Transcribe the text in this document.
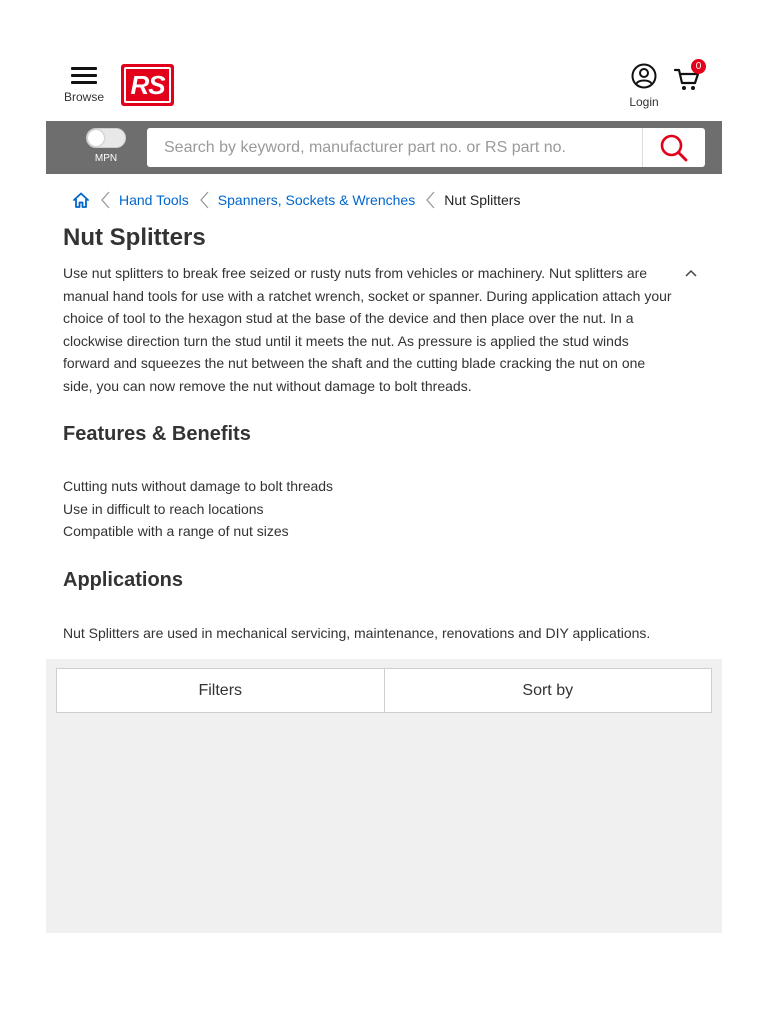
Browse RS
Login
0
MPN
Search by keyword, manufacturer part no. or RS part no.
Hand Tools Spanners, Sockets & Wrenches Nut Splitters
Nut Splitters

Use nut splitters to break free seized or rusty nuts from vehicles or machinery. Nut splitters are manual hand tools for use with a ratchet wrench, socket or spanner. During application attach your choice of tool to the hexagon stud at the base of the device and then place over the nut. In a clockwise direction turn the stud until it meets the nut. As pressure is applied the stud winds forward and squeezes the nut between the shaft and the cutting blade cracking the nut on one side, you can now remove the nut without damage to bolt threads.

Features & Benefits
Cutting nuts without damage to bolt threads
Use in difficult to reach locations
Compatible with a range of nut sizes
Applications

Nut Splitters are used in mechanical servicing, maintenance, renovations and DIY applications.

Filters	Sort by
